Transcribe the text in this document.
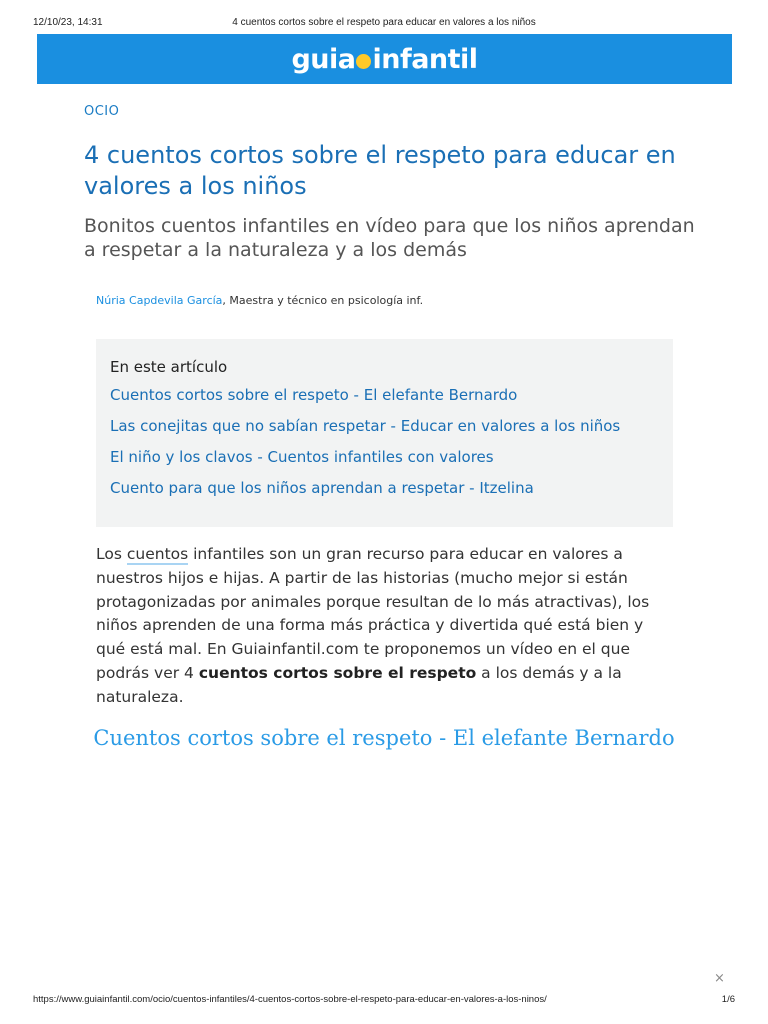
12/10/23, 14:31	4 cuentos cortos sobre el respeto para educar en valores a los niños
guia infantil
OCIO
4 cuentos cortos sobre el respeto para educar en valores a los niños
Bonitos cuentos infantiles en vídeo para que los niños aprendan a respetar a la naturaleza y a los demás
Núria Capdevila García, Maestra y técnico en psicología inf.
En este artículo
Cuentos cortos sobre el respeto - El elefante Bernardo
Las conejitas que no sabían respetar - Educar en valores a los niños
El niño y los clavos - Cuentos infantiles con valores
Cuento para que los niños aprendan a respetar - Itzelina

Los cuentos infantiles son un gran recurso para educar en valores a nuestros hijos e hijas. A partir de las historias (mucho mejor si están protagonizadas por animales porque resultan de lo más atractivas), los niños aprenden de una forma más práctica y divertida qué está bien y qué está mal. En Guiainfantil.com te proponemos un vídeo en el que podrás ver 4 cuentos cortos sobre el respeto a los demás y a la naturaleza.

Cuentos cortos sobre el respeto - El elefante Bernardo
×
https://www.guiainfantil.com/ocio/cuentos-infantiles/4-cuentos-cortos-sobre-el-respeto-para-educar-en-valores-a-los-ninos/	1/6
